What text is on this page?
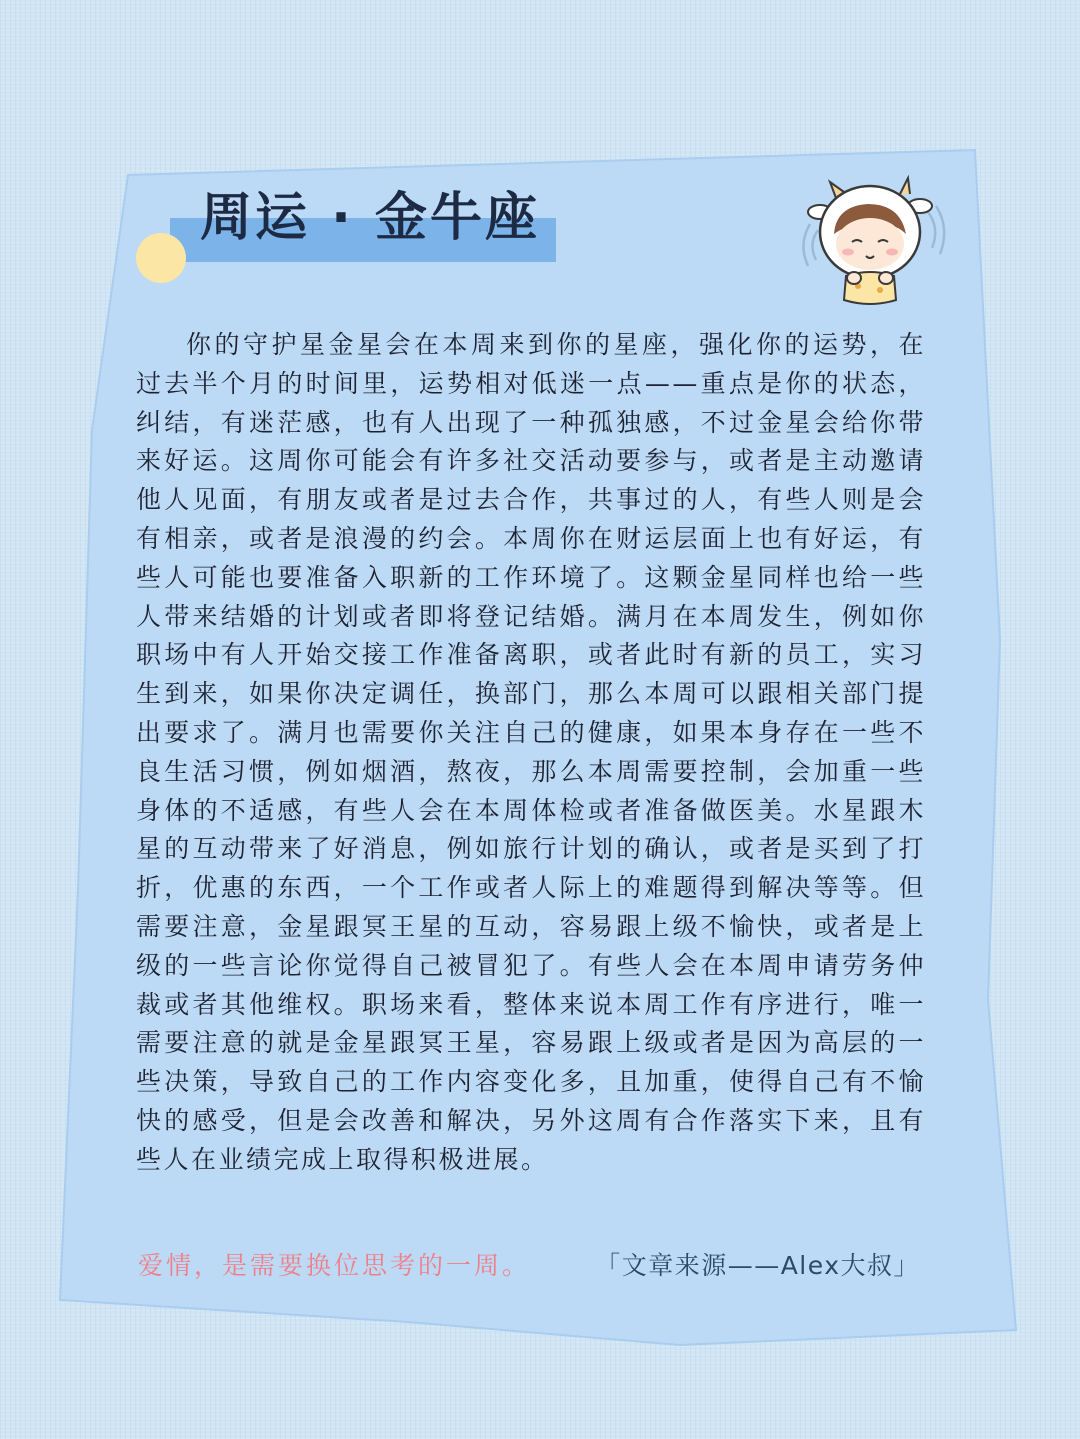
周运 · 金牛座

你的守护星金星会在本周来到你的星座，强化你的运势，在过去半个月的时间里，运势相对低迷一点——重点是你的状态，纠结，有迷茫感，也有人出现了一种孤独感，不过金星会给你带来好运。这周你可能会有许多社交活动要参与，或者是主动邀请他人见面，有朋友或者是过去合作，共事过的人，有些人则是会有相亲，或者是浪漫的约会。本周你在财运层面上也有好运，有些人可能也要准备入职新的工作环境了。这颗金星同样也给一些人带来结婚的计划或者即将登记结婚。满月在本周发生，例如你职场中有人开始交接工作准备离职，或者此时有新的员工，实习生到来，如果你决定调任，换部门，那么本周可以跟相关部门提出要求了。满月也需要你关注自己的健康，如果本身存在一些不良生活习惯，例如烟酒，熬夜，那么本周需要控制，会加重一些身体的不适感，有些人会在本周体检或者准备做医美。水星跟木星的互动带来了好消息，例如旅行计划的确认，或者是买到了打折，优惠的东西，一个工作或者人际上的难题得到解决等等。但需要注意，金星跟冥王星的互动，容易跟上级不愉快，或者是上级的一些言论你觉得自己被冒犯了。有些人会在本周申请劳务仲裁或者其他维权。职场来看，整体来说本周工作有序进行，唯一需要注意的就是金星跟冥王星，容易跟上级或者是因为高层的一些决策，导致自己的工作内容变化多，且加重，使得自己有不愉快的感受，但是会改善和解决，另外这周有合作落实下来，且有些人在业绩完成上取得积极进展。

爱情，是需要换位思考的一周。	「文章来源——Alex大叔」
